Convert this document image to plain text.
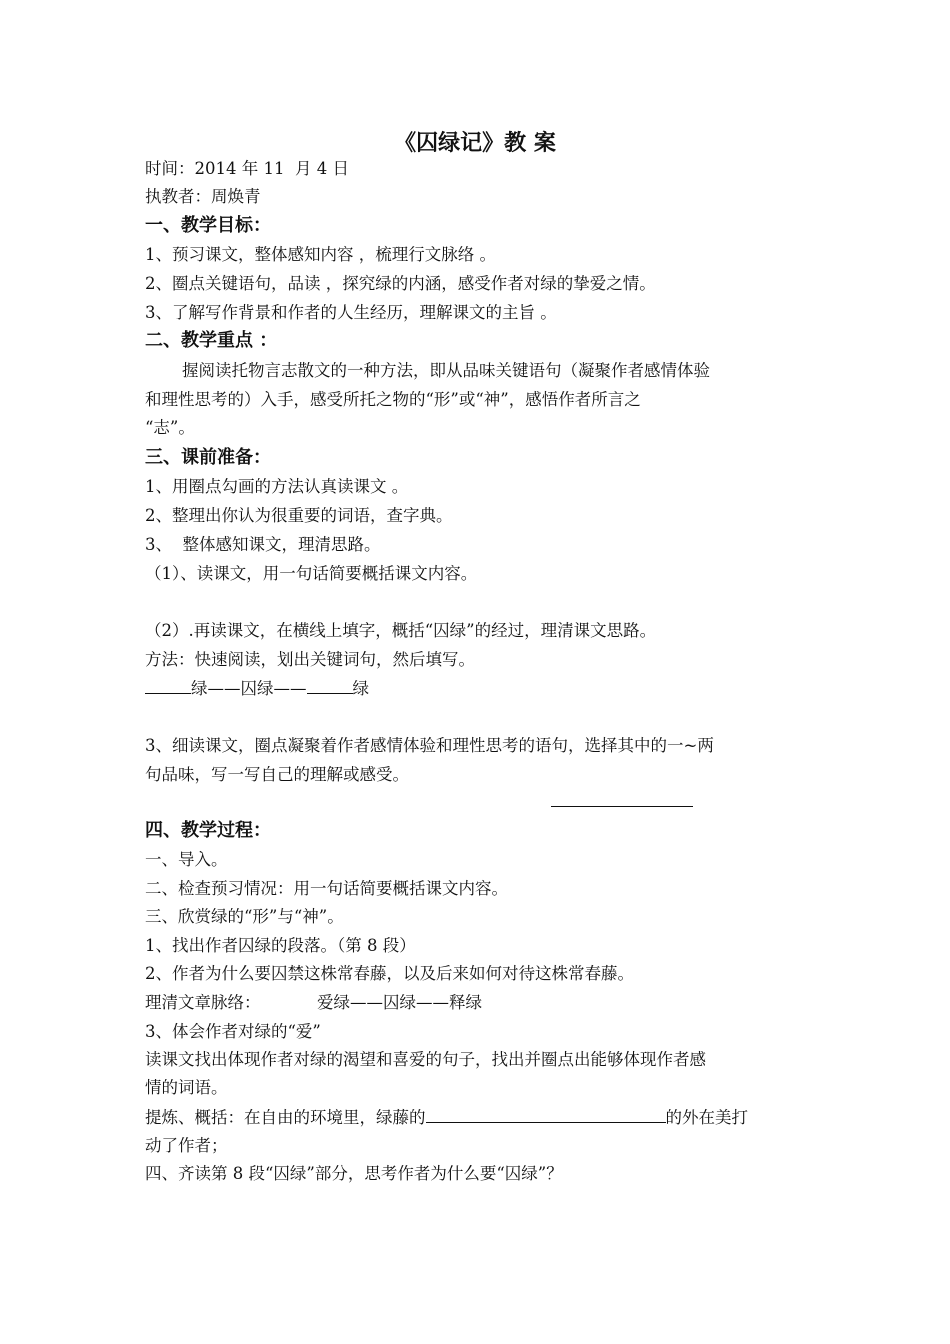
《囚绿记》教 案
时间：2014 年 11  月 4 日
执教者：周焕青
一、教学目标：
1、预习课文，整体感知内容 ，梳理行文脉络 。
2、圈点关键语句，品读 ，探究绿的内涵，感受作者对绿的挚爱之情。
3、了解写作背景和作者的人生经历，理解课文的主旨 。
二、教学重点 ：
握阅读托物言志散文的一种方法，即从品味关键语句（凝聚作者感情体验
和理性思考的）入手，感受所托之物的“形”或“神”，感悟作者所言之
“志”。
三、课前准备：
1、用圈点勾画的方法认真读课文 。
2、整理出你认为很重要的词语，查字典。
3、  整体感知课文，理清思路。
（1）、读课文，用一句话简要概括课文内容。
（2）.再读课文，在横线上填字，概括“囚绿”的经过，理清课文思路。
方法：快速阅读，划出关键词句，然后填写。
绿——囚绿——	绿
3、细读课文，圈点凝聚着作者感情体验和理性思考的语句，选择其中的一~两
句品味，写一写自己的理解或感受。
四、教学过程：
一、导入。
二、检查预习情况：用一句话简要概括课文内容。
三、欣赏绿的“形”与“神”。
1、找出作者囚绿的段落。（第 8 段）
2、作者为什么要囚禁这株常春藤，以及后来如何对待这株常春藤。
理清文章脉络：	爱绿——囚绿——释绿
3、体会作者对绿的“爱”
读课文找出体现作者对绿的渴望和喜爱的句子，找出并圈点出能够体现作者感
情的词语。
提炼、概括：在自由的环境里，绿藤的	的外在美打
动了作者；
四、齐读第 8 段“囚绿”部分，思考作者为什么要“囚绿”？
